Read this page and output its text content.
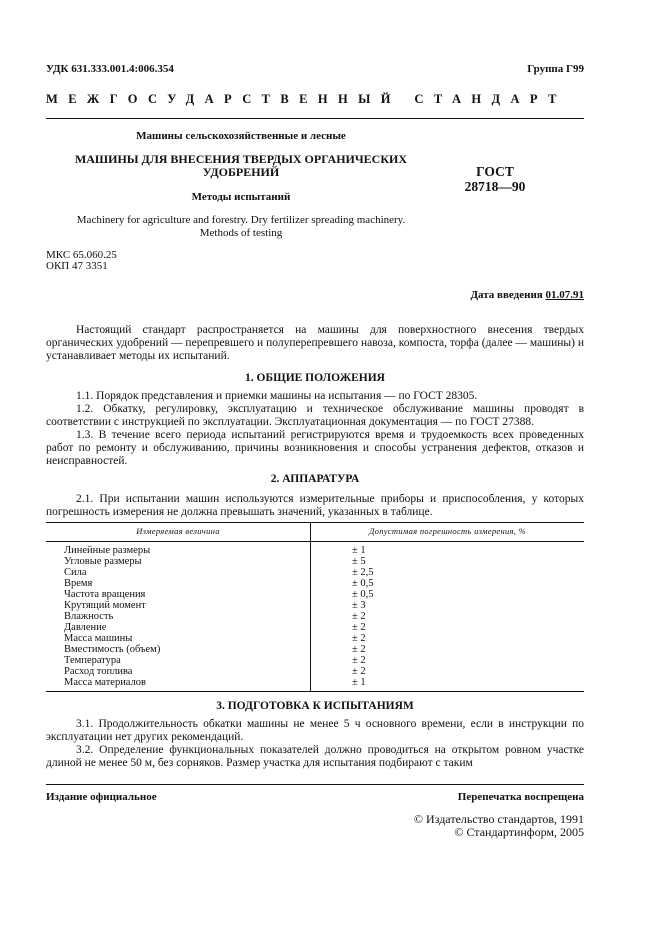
УДК 631.333.001.4:006.354	Группа Г99
МЕЖГОСУДАРСТВЕННЫЙ СТАНДАРТ
Машины сельскохозяйственные и лесные
МАШИНЫ ДЛЯ ВНЕСЕНИЯ ТВЕРДЫХ ОРГАНИЧЕСКИХ
УДОБРЕНИЙ
Методы испытаний
Machinery for agriculture and forestry. Dry fertilizer spreading machinery.
Methods of testing
ГОСТ
28718—90
МКС 65.060.25
ОКП 47 3351
Дата введения 01.07.91

Настоящий стандарт распространяется на машины для поверхностного внесения твердых органических удобрений — перепревшего и полуперепревшего навоза, компоста, торфа (далее — машины) и устанавливает методы их испытаний.

1. ОБЩИЕ ПОЛОЖЕНИЯ

1.1. Порядок представления и приемки машины на испытания — по ГОСТ 28305.

1.2. Обкатку, регулировку, эксплуатацию и техническое обслуживание машины проводят в соответствии с инструкцией по эксплуатации. Эксплуатационная документация — по ГОСТ 27388.

1.3. В течение всего периода испытаний регистрируются время и трудоемкость всех проведенных работ по ремонту и обслуживанию, причины возникновения и способы устранения дефектов, отказов и неисправностей.

2. АППАРАТУРА

2.1. При испытании машин используются измерительные приборы и приспособления, у которых погрешность измерения не должна превышать значений, указанных в таблице.

Измеряемая величина	Допустимая погрешность измерения, %
Линейные размеры	± 1
Угловые размеры	± 5
Сила	± 2,5
Время	± 0,5
Частота вращения	± 0,5
Крутящий момент	± 3
Влажность	± 2
Давление	± 2
Масса машины	± 2
Вместимость (объем)	± 2
Температура	± 2
Расход топлива	± 2
Масса материалов	± 1
3. ПОДГОТОВКА К ИСПЫТАНИЯМ

3.1. Продолжительность обкатки машины не менее 5 ч основного времени, если в инструкции по эксплуатации нет других рекомендаций.

3.2. Определение функциональных показателей должно проводиться на открытом ровном участке длиной не менее 50 м, без сорняков. Размер участка для испытания подбирают с таким

Издание официальное	Перепечатка воспрещена
© Издательство стандартов, 1991
© Стандартинформ, 2005
